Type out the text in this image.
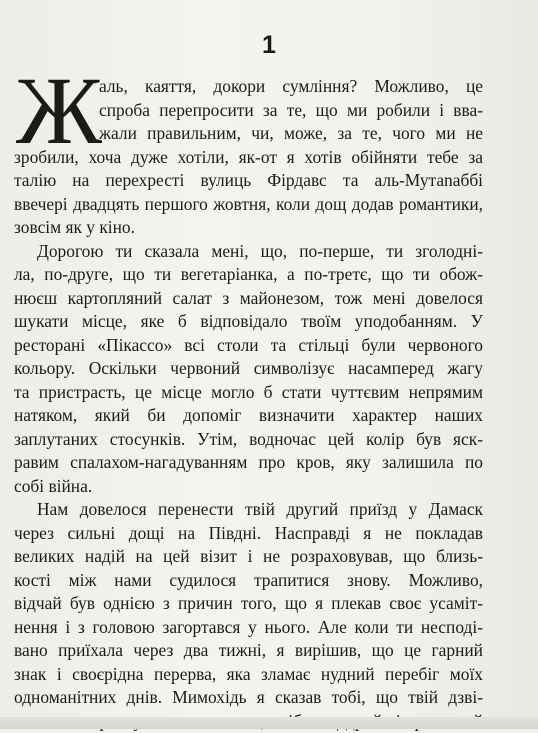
1
Ж
аль, каяття, докори сумління? Можливо, це
спроба перепросити за те, що ми робили і вва-
жали правильним, чи, може, за те, чого ми не
зробили, хоча дуже хотіли, як-от я хотів обійняти тебе за
талію на перехресті вулиць Фірдавс та аль-Мутаnаббі
ввечері двадцять першого жовтня, коли дощ додав романтики, зовсім як у кіно.
Дорогою ти сказала мені, що, по-перше, ти зголодні-
ла, по-друге, що ти вегетаріанка, а по-третє, що ти обож-
нюєш картопляний салат з майонезом, тож мені довелося
шукати місце, яке б відповідало твоїм уподобанням. У
ресторані «Пікассо» всі столи та стільці були червоного
кольору. Оскільки червоний символізує насамперед жагу
та пристрасть, це місце могло б стати чуттєвим непрямим
натяком, який би допоміг визначити характер наших
заплутаних стосунків. Утім, водночас цей колір був яск-
равим спалахом-нагадуванням про кров, яку залишила по
собі війна.
Нам довелося перенести твій другий приїзд у Дамаск
через сильні дощі на Півдні. Насправді я не покладав
великих надій на цей візит і не розраховував, що близь-
кості між нами судилося трапитися знову. Можливо,
відчай був однією з причин того, що я плекав своє усаміт-
нення і з головою загортався у нього. Але коли ти несподі-
вано приїхала через два тижні, я вирішив, що це гарний
знак і своєрідна перерва, яка зламає нудний перебіг моїх
одноманітних днів. Мимохідь я сказав тобі, що твій дзві-
